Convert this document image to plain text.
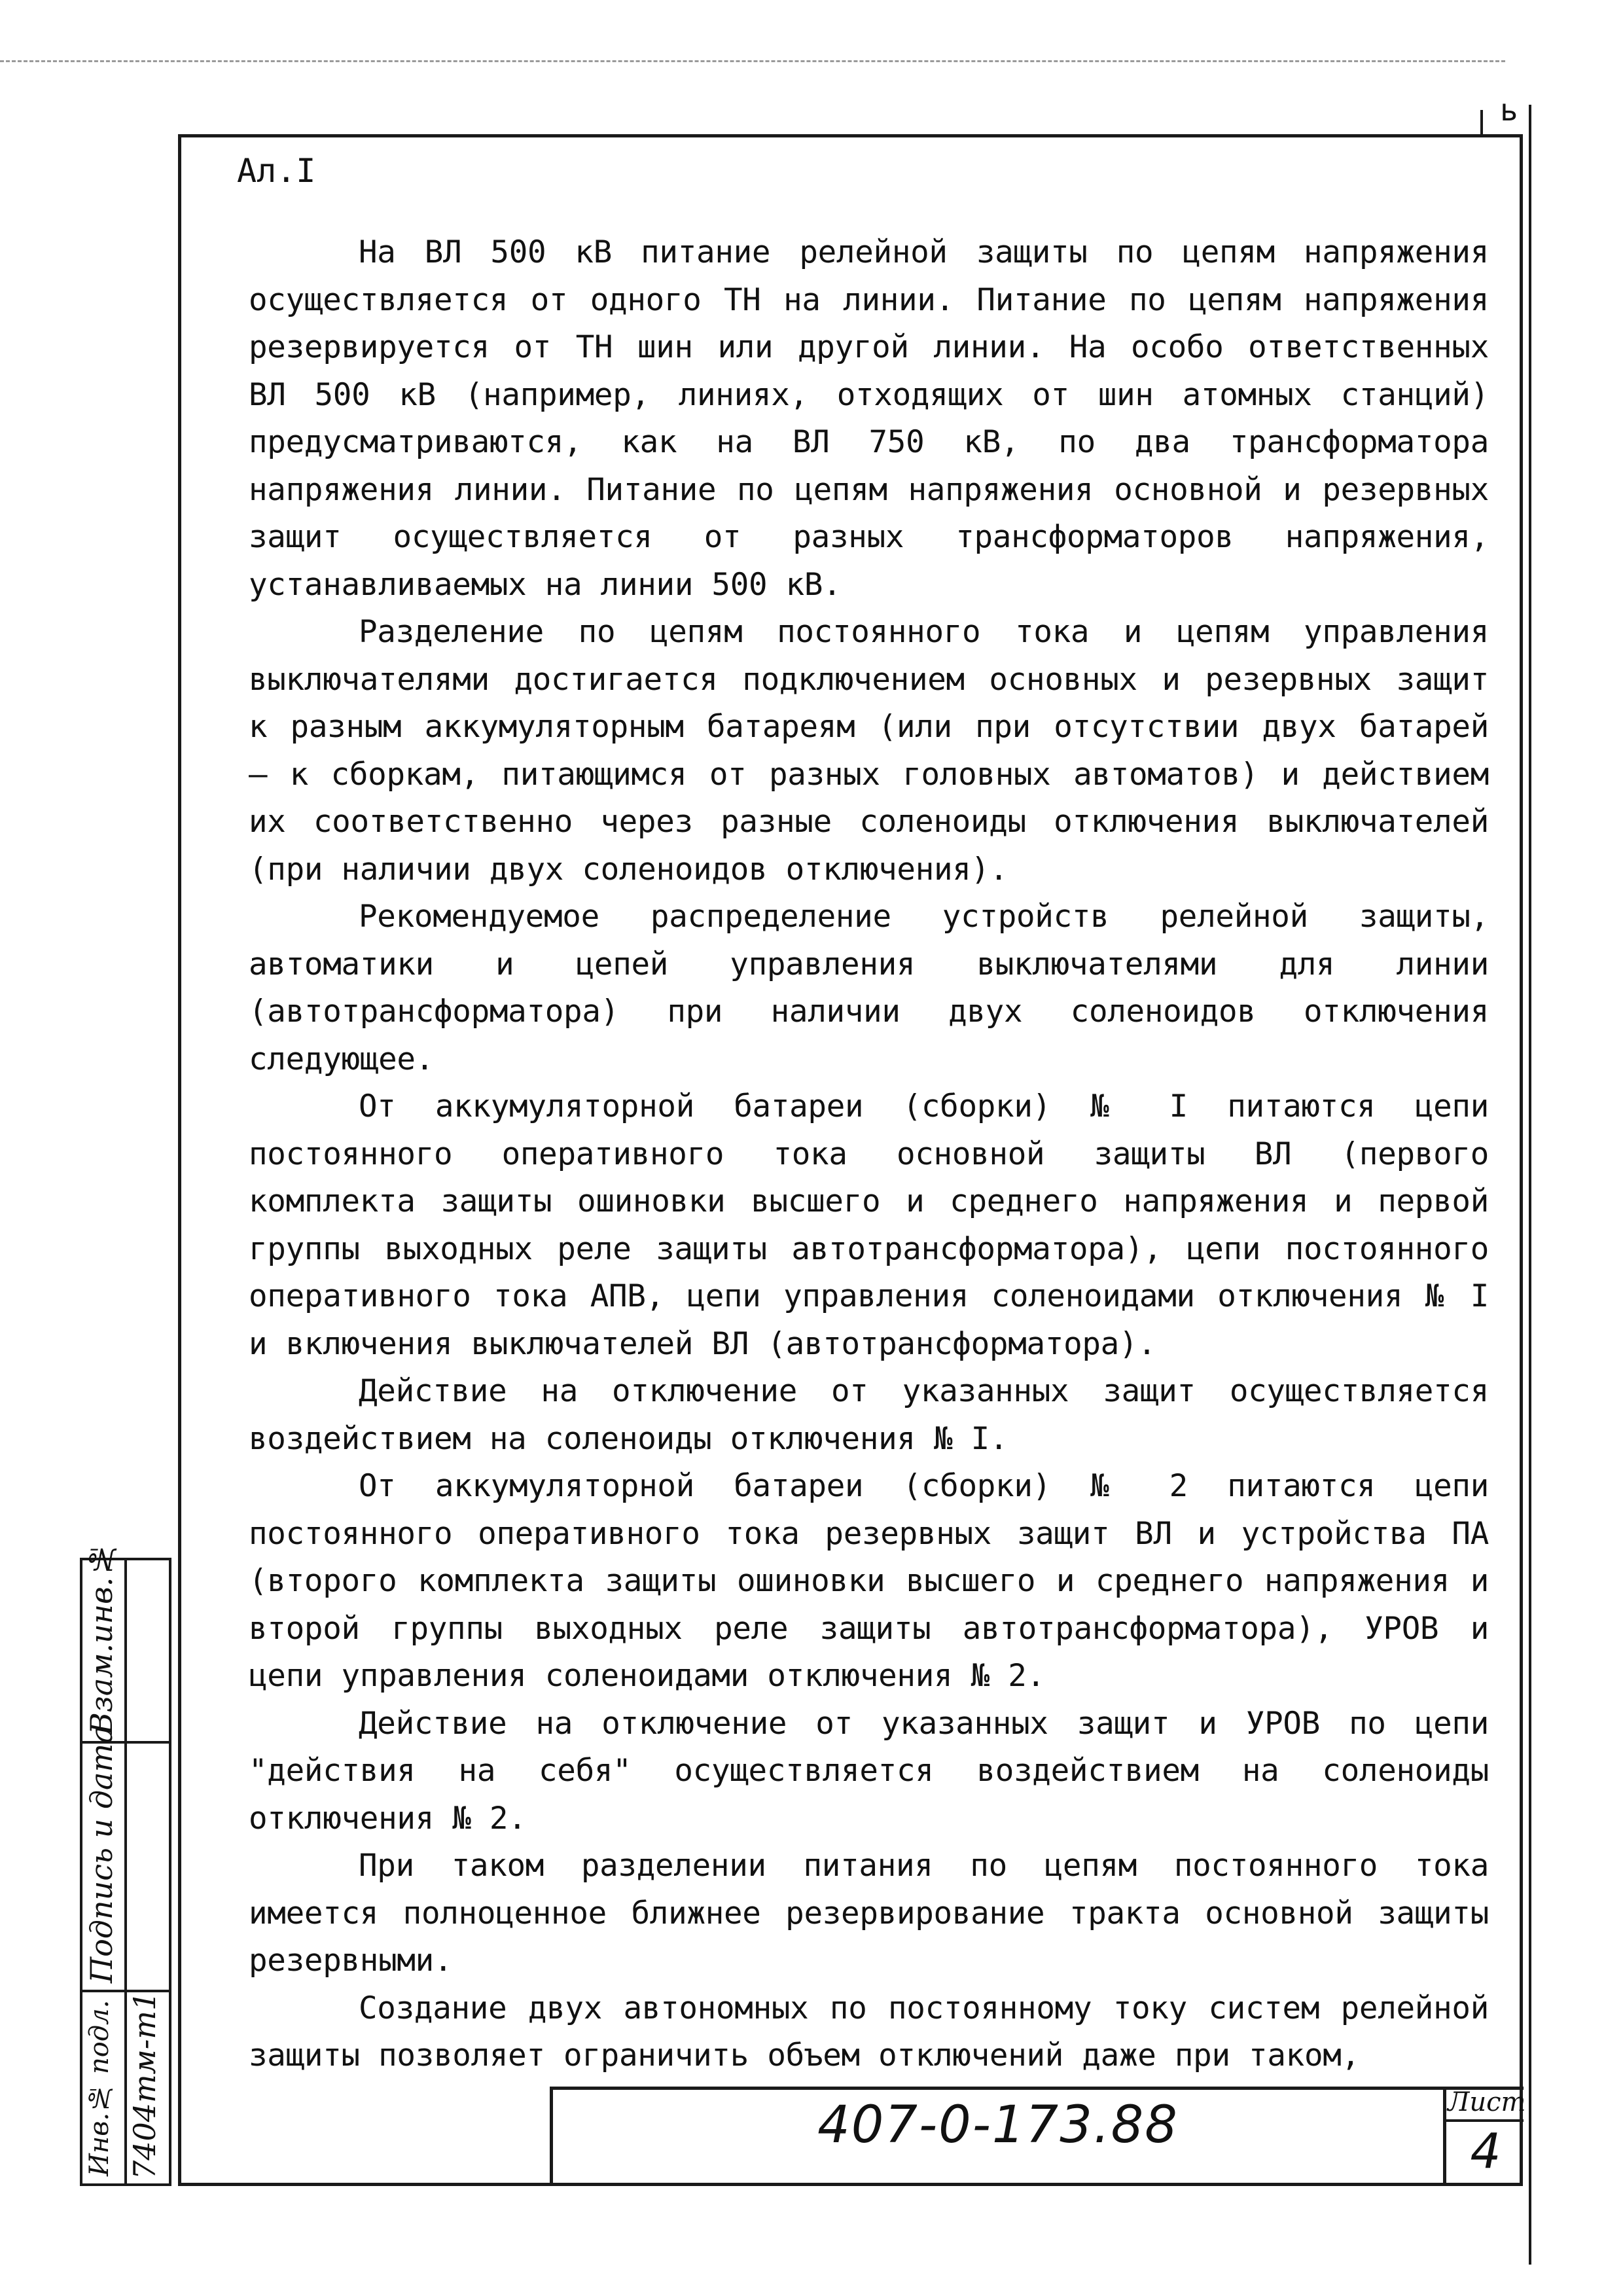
ь
Ал.I

На ВЛ 500 кВ питание релейной защиты по цепям напряжения осуществляется от одного ТН на линии. Питание по цепям напряжения резервируется от ТН шин или другой линии. На особо ответственных ВЛ 500 кВ (например, линиях, отходящих от шин атомных станций) предусматриваются, как на ВЛ 750 кВ, по два трансформатора напряжения линии. Питание по цепям напряжения основной и резервных защит осуществляется от разных трансформаторов напряжения, устанавливаемых на линии 500 кВ.

Разделение по цепям постоянного тока и цепям управления выключателями достигается подключением основных и резервных защит к разным аккумуляторным батареям (или при отсутствии двух батарей – к сборкам, питающимся от разных головных автоматов) и действием их соответственно через разные соленоиды отключения выключателей (при наличии двух соленоидов отключения).

Рекомендуемое распределение устройств релейной защиты, автоматики и цепей управления выключателями для линии (автотрансформатора) при наличии двух соленоидов отключения следующее.

От аккумуляторной батареи (сборки) № I питаются цепи постоянного оперативного тока основной защиты ВЛ (первого комплекта защиты ошиновки высшего и среднего напряжения и первой группы выходных реле защиты автотрансформатора), цепи постоянного оперативного тока АПВ, цепи управления соленоидами отключения № I и включения выключателей ВЛ (автотрансформатора).

Действие на отключение от указанных защит осуществляется воздействием на соленоиды отключения № I.

От аккумуляторной батареи (сборки) № 2 питаются цепи постоянного оперативного тока резервных защит ВЛ и устройства ПА (второго комплекта защиты ошиновки высшего и среднего напряжения и второй группы выходных реле защиты автотрансформатора), УРОВ и цепи управления соленоидами отключения № 2.

Действие на отключение от указанных защит и УРОВ по цепи "действия на себя" осуществляется воздействием на соленоиды отключения № 2.

При таком разделении питания по цепям постоянного тока имеется полноценное ближнее резервирование тракта основной защиты резервными.

Создание двух автономных по постоянному току систем релейной защиты позволяет ограничить объем отключений даже при таком,

407-0-173.88	Лист
4
Взам.инв.№
Подпись и дата
Инв.№ подл. 7404тм-т1
